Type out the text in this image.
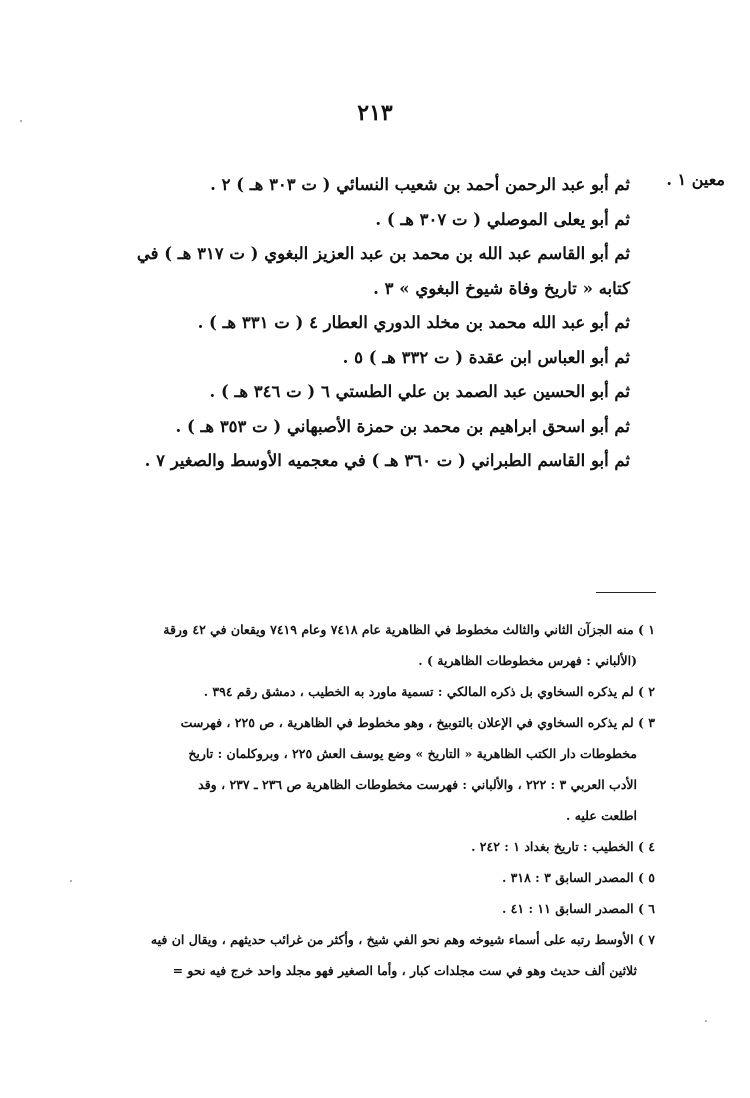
٢١٣
معين ١ .
ثم أبو عبد الرحمن أحمد بن شعيب النسائي ( ت ٣٠٣ هـ ) ٢ .
ثم أبو يعلى الموصلي ( ت ٣٠٧ هـ ) .
ثم أبو القاسم عبد الله بن محمد بن عبد العزيز البغوي ( ت ٣١٧ هـ ) في
كتابه « تاريخ وفاة شيوخ البغوي » ٣ .
ثم أبو عبد الله محمد بن مخلد الدوري العطار ٤ ( ت ٣٣١ هـ ) .
ثم أبو العباس ابن عقدة ( ت ٣٣٢ هـ ) ٥ .
ثم أبو الحسين عبد الصمد بن علي الطستي ٦ ( ت ٣٤٦ هـ ) .
ثم أبو اسحق ابراهيم بن محمد بن حمزة الأصبهاني ( ت ٣٥٣ هـ ) .
ثم أبو القاسم الطبراني ( ت ٣٦٠ هـ ) في معجميه الأوسط والصغير ٧ .
١ ) منه الجزآن الثاني والثالث مخطوط في الظاهرية عام ٧٤١٨ وعام ٧٤١٩ ويقعان في ٤٢ ورقة
(الألباني : فهرس مخطوطات الظاهرية ) .
٢ ) لم يذكره السخاوي بل ذكره المالكي : تسمية ماورد به الخطيب ، دمشق رقم ٣٩٤ .
٣ ) لم يذكره السخاوي في الإعلان بالتوبيخ ، وهو مخطوط في الظاهرية ، ص ٢٢٥ ، فهرست
مخطوطات دار الكتب الظاهرية « التاريخ » وضع يوسف العش ٢٢٥ ، وبروكلمان : تاريخ
الأدب العربي ٣ : ٢٢٢ ، والألباني : فهرست مخطوطات الظاهرية ص ٢٣٦ ـ ٢٣٧ ، وقد
اطلعت عليه .
٤ ) الخطيب : تاريخ بغداد ١ : ٢٤٢ .
٥ ) المصدر السابق ٣ : ٣١٨ .
٦ ) المصدر السابق ١١ : ٤١ .
٧ ) الأوسط رتبه على أسماء شيوخه وهم نحو الفي شيخ ، وأكثر من غرائب حديثهم ، ويقال ان فيه
ثلاثين ألف حديث وهو في ست مجلدات كبار ، وأما الصغير فهو مجلد واحد خرج فيه نحو =
